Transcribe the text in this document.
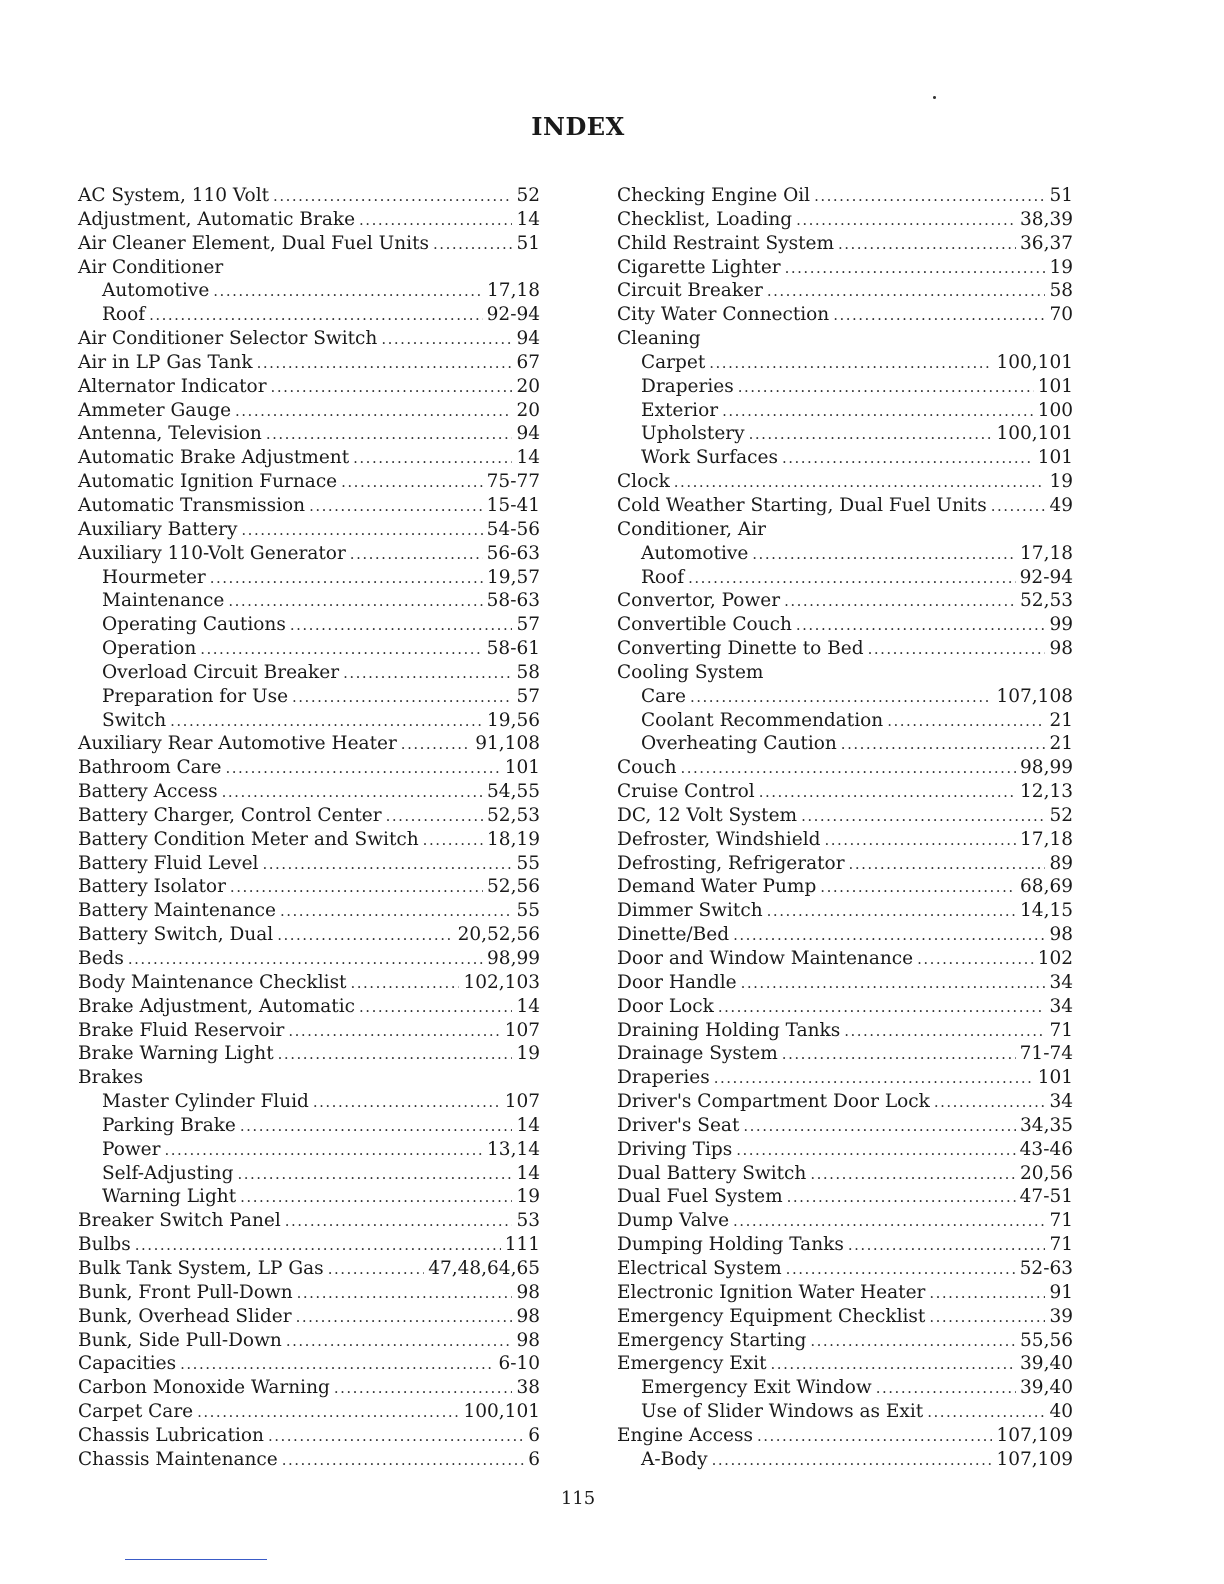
INDEX
AC System, 110 Volt .....	52
Adjustment, Automatic Brake .....	14
Air Cleaner Element, Dual Fuel Units .....	51
Air Conditioner
Automotive .....	17,18
Roof .....	92-94
Air Conditioner Selector Switch .....	94
Air in LP Gas Tank .....	67
Alternator Indicator .....	20
Ammeter Gauge .....	20
Antenna, Television .....	94
Automatic Brake Adjustment .....	14
Automatic Ignition Furnace .....	75-77
Automatic Transmission .....	15-41
Auxiliary Battery .....	54-56
Auxiliary 110-Volt Generator .....	56-63
Hourmeter .....	19,57
Maintenance .....	58-63
Operating Cautions .....	57
Operation .....	58-61
Overload Circuit Breaker .....	58
Preparation for Use .....	57
Switch .....	19,56
Auxiliary Rear Automotive Heater .....	91,108
Bathroom Care .....	101
Battery Access .....	54,55
Battery Charger, Control Center .....	52,53
Battery Condition Meter and Switch .....	18,19
Battery Fluid Level .....	55
Battery Isolator .....	52,56
Battery Maintenance .....	55
Battery Switch, Dual .....	20,52,56
Beds .....	98,99
Body Maintenance Checklist .....	102,103
Brake Adjustment, Automatic .....	14
Brake Fluid Reservoir .....	107
Brake Warning Light .....	19
Brakes
Master Cylinder Fluid .....	107
Parking Brake .....	14
Power .....	13,14
Self-Adjusting .....	14
Warning Light .....	19
Breaker Switch Panel .....	53
Bulbs .....	111
Bulk Tank System, LP Gas .....	47,48,64,65
Bunk, Front Pull-Down .....	98
Bunk, Overhead Slider .....	98
Bunk, Side Pull-Down .....	98
Capacities .....	6-10
Carbon Monoxide Warning .....	38
Carpet Care .....	100,101
Chassis Lubrication .....	6
Chassis Maintenance .....	6
Checking Engine Oil .....	51
Checklist, Loading .....	38,39
Child Restraint System .....	36,37
Cigarette Lighter .....	19
Circuit Breaker .....	58
City Water Connection .....	70
Cleaning
Carpet .....	100,101
Draperies .....	101
Exterior .....	100
Upholstery .....	100,101
Work Surfaces .....	101
Clock .....	19
Cold Weather Starting, Dual Fuel Units .....	49
Conditioner, Air
Automotive .....	17,18
Roof .....	92-94
Convertor, Power .....	52,53
Convertible Couch .....	99
Converting Dinette to Bed .....	98
Cooling System
Care .....	107,108
Coolant Recommendation .....	21
Overheating Caution .....	21
Couch .....	98,99
Cruise Control .....	12,13
DC, 12 Volt System .....	52
Defroster, Windshield .....	17,18
Defrosting, Refrigerator .....	89
Demand Water Pump .....	68,69
Dimmer Switch .....	14,15
Dinette/Bed .....	98
Door and Window Maintenance .....	102
Door Handle .....	34
Door Lock .....	34
Draining Holding Tanks .....	71
Drainage System .....	71-74
Draperies .....	101
Driver's Compartment Door Lock .....	34
Driver's Seat .....	34,35
Driving Tips .....	43-46
Dual Battery Switch .....	20,56
Dual Fuel System .....	47-51
Dump Valve .....	71
Dumping Holding Tanks .....	71
Electrical System .....	52-63
Electronic Ignition Water Heater .....	91
Emergency Equipment Checklist .....	39
Emergency Starting .....	55,56
Emergency Exit .....	39,40
Emergency Exit Window .....	39,40
Use of Slider Windows as Exit .....	40
Engine Access .....	107,109
A-Body .....	107,109
115
